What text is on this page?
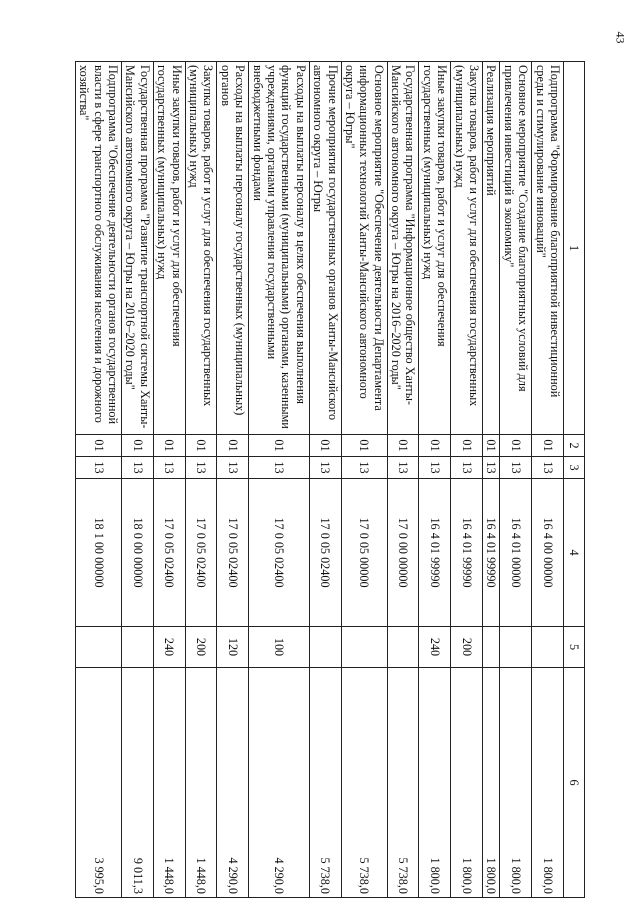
43
1	2	3	4	5	6
Подпрограмма "Формирование благоприятной инвестиционной среды и стимулирование инноваций"	01	13	16 4 00 00000		1 800,0
Основное мероприятие "Создание благоприятных условий для привлечения инвестиций в экономику"	01	13	16 4 01 00000		1 800,0
Реализация мероприятий	01	13	16 4 01 99990		1 800,0
Закупка товаров, работ и услуг для обеспечения государственных (муниципальных) нужд	01	13	16 4 01 99990	200	1 800,0
Иные закупки товаров, работ и услуг для обеспечения государственных (муниципальных) нужд	01	13	16 4 01 99990	240	1 800,0
Государственная программа "Информационное общество Ханты-Мансийского автономного округа – Югры на 2016–2020 годы"	01	13	17 0 00 00000		5 738,0
Основное мероприятие "Обеспечение деятельности Департамента информационных технологий Ханты-Мансийского автономного округа – Югры"	01	13	17 0 05 00000		5 738,0
Прочие мероприятия государственных органов Ханты-Мансийского автономного округа – Югры	01	13	17 0 05 02400		5 738,0
Расходы на выплаты персоналу в целях обеспечения выполнения функций государственными (муниципальными) органами, казенными учреждениями, органами управления государственными внебюджетными фондами	01	13	17 0 05 02400	100	4 290,0
Расходы на выплаты персоналу государственных (муниципальных) органов	01	13	17 0 05 02400	120	4 290,0
Закупка товаров, работ и услуг для обеспечения государственных (муниципальных) нужд	01	13	17 0 05 02400	200	1 448,0
Иные закупки товаров, работ и услуг для обеспечения государственных (муниципальных) нужд	01	13	17 0 05 02400	240	1 448,0
Государственная программа "Развитие транспортной системы Ханты-Мансийского автономного округа – Югры на 2016–2020 годы"	01	13	18 0 00 00000		9 011,3
Подпрограмма "Обеспечение деятельности органов государственной власти в сфере транспортного обслуживания населения и дорожного хозяйства"	01	13	18 1 00 00000		3 995,0
